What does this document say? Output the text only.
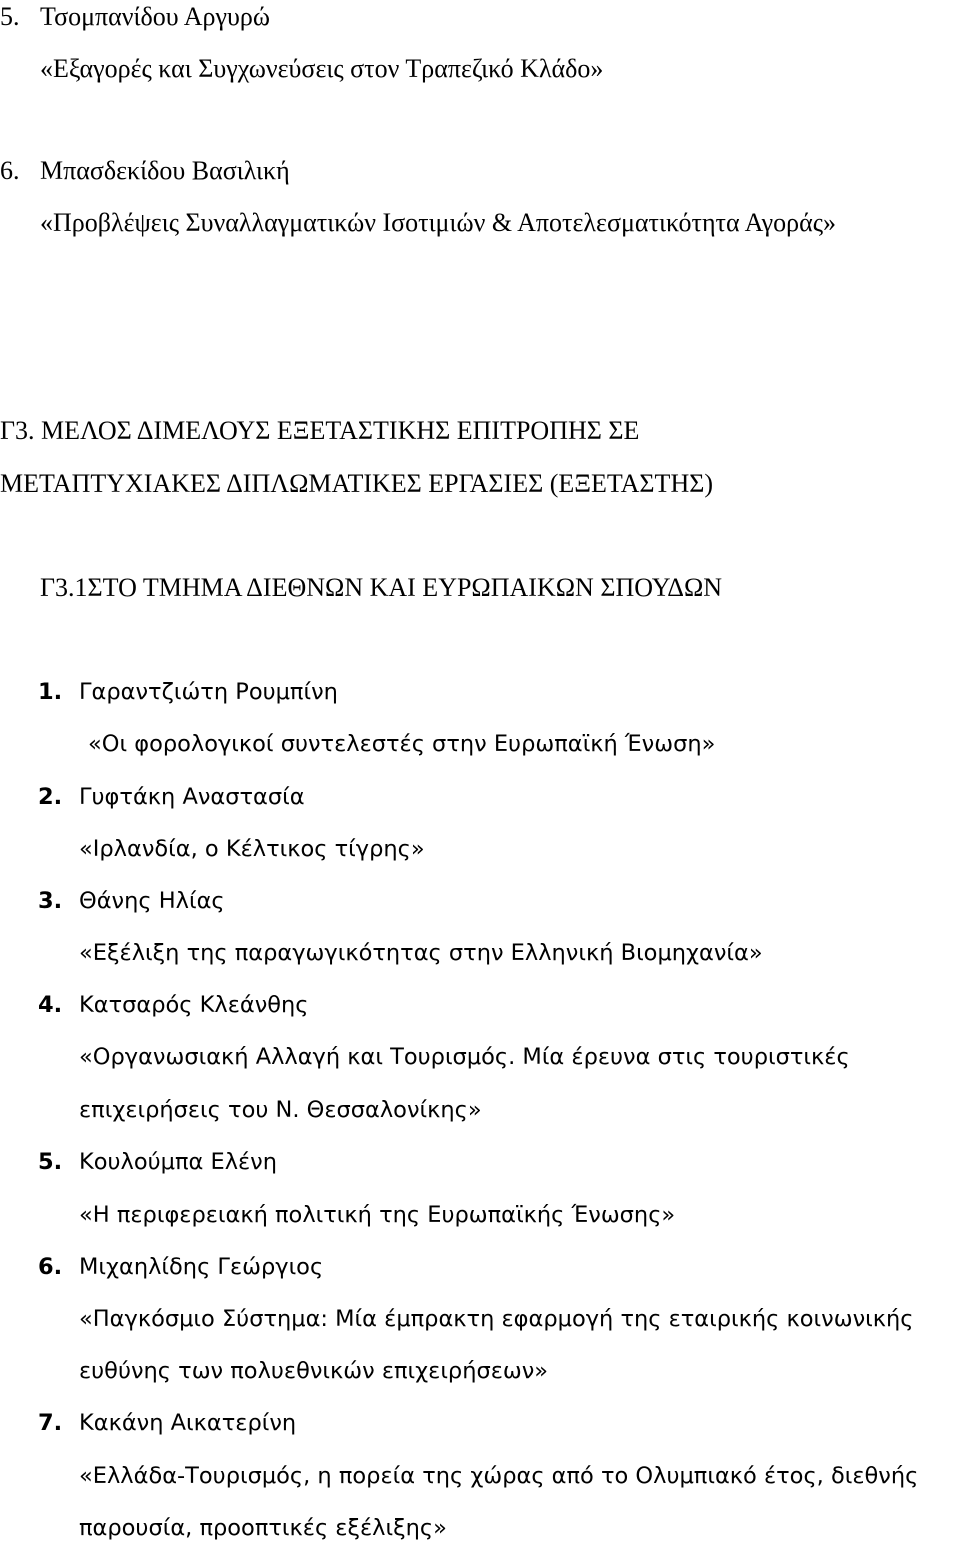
5. Τσομπανίδου Αργυρώ
«Εξαγορές και Συγχωνεύσεις στον Τραπεζικό Κλάδο»
6. Μπασδεκίδου Βασιλική
«Προβλέψεις Συναλλαγματικών Ισοτιμιών & Αποτελεσματικότητα Αγοράς»
Γ3. ΜΕΛΟΣ ΔΙΜΕΛΟΥΣ ΕΞΕΤΑΣΤΙΚΗΣ ΕΠΙΤΡΟΠΗΣ ΣΕ
ΜΕΤΑΠΤΥΧΙΑΚΕΣ ΔΙΠΛΩΜΑΤΙΚΕΣ ΕΡΓΑΣΙΕΣ (ΕΞΕΤΑΣΤΗΣ)
Γ3.1ΣΤΟ ΤΜΗΜΑ ΔΙΕΘΝΩΝ ΚΑΙ ΕΥΡΩΠΑΙΚΩΝ ΣΠΟΥΔΩΝ
1. Γαραντζιώτη Ρουμπίνη
«Οι φορολογικοί συντελεστές στην Ευρωπαϊκή Ένωση»
2. Γυφτάκη Αναστασία
«Ιρλανδία, ο Κέλτικος τίγρης»
3. Θάνης Ηλίας
«Εξέλιξη της παραγωγικότητας στην Ελληνική Βιομηχανία»
4. Κατσαρός Κλεάνθης
«Οργανωσιακή Αλλαγή και Τουρισμός. Μία έρευνα στις τουριστικές
επιχειρήσεις του Ν. Θεσσαλονίκης»
5. Κουλούμπα Ελένη
«Η περιφερειακή πολιτική της Ευρωπαϊκής Ένωσης»
6. Μιχαηλίδης Γεώργιος
«Παγκόσμιο Σύστημα: Μία έμπρακτη εφαρμογή της εταιρικής κοινωνικής
ευθύνης των πολυεθνικών επιχειρήσεων»
7. Κακάνη Αικατερίνη
«Ελλάδα-Τουρισμός, η πορεία της χώρας από το Ολυμπιακό έτος, διεθνής
παρουσία, προοπτικές εξέλιξης»
